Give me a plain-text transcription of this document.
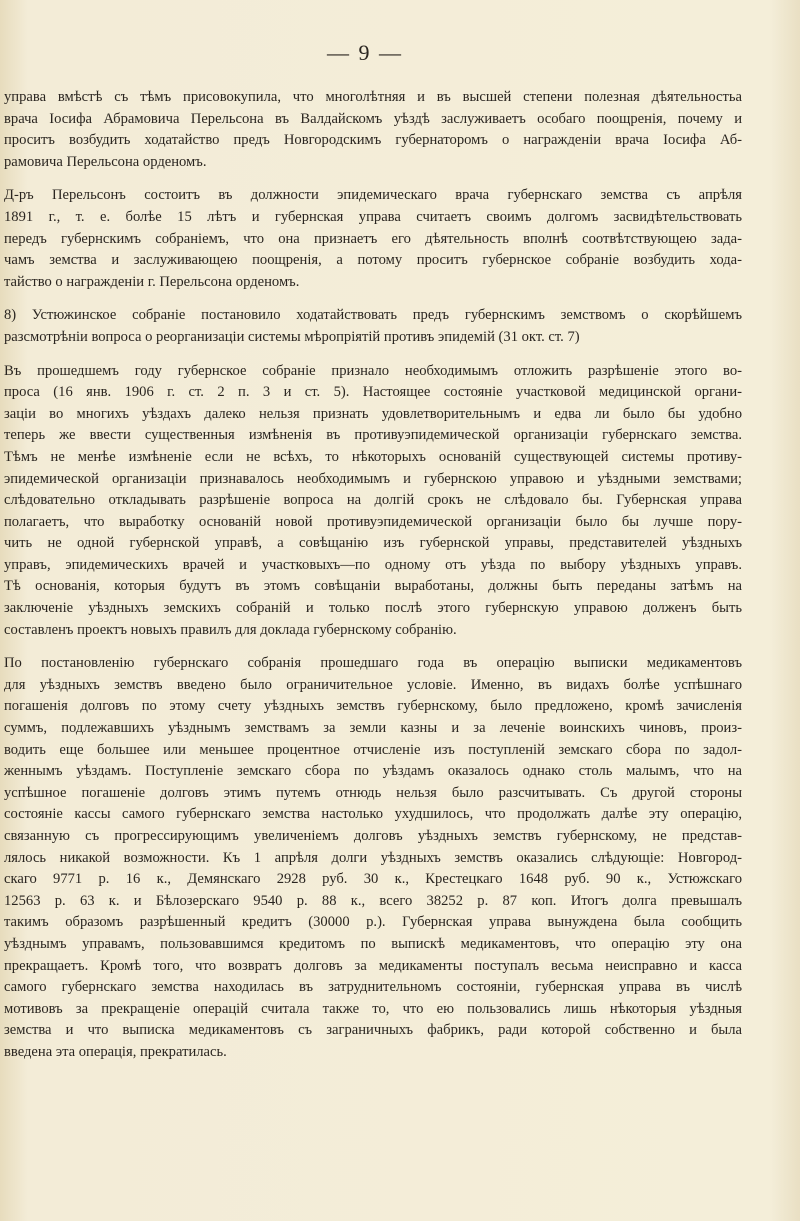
— 9 —
управа вмѣстѣ съ тѣмъ присовокупила, что многолѣтняя и въ высшей степени полезная дѣятельностьа
врача Іосифа Абрамовича Перельсона въ Валдайскомъ уѣздѣ заслуживаетъ особаго поощренія, почему и
проситъ возбудить ходатайство предъ Новгородскимъ губернаторомъ о награжденіи врача Іосифа Аб-
рамовича Перельсона орденомъ.
Д-ръ Перельсонъ состоитъ въ должности эпидемическаго врача губернскаго земства съ апрѣля
1891 г., т. е. болѣе 15 лѣтъ и губернская управа считаетъ своимъ долгомъ засвидѣтельствовать
передъ губернскимъ собраніемъ, что она признаетъ его дѣятельность вполнѣ соотвѣтствующею зада-
чамъ земства и заслуживающею поощренія, а потому проситъ губернское собраніе возбудить хода-
тайство о награжденіи г. Перельсона орденомъ.
8) Устюжинское собраніе постановило ходатайствовать предъ губернскимъ земствомъ о скорѣйшемъ
разсмотрѣніи вопроса о реорганизаціи системы мѣропріятій противъ эпидемій (31 окт. ст. 7)
Въ прошедшемъ году губернское собраніе признало необходимымъ отложить разрѣшеніе этого во-
проса (16 янв. 1906 г. ст. 2 п. 3 и ст. 5). Настоящее состояніе участковой медицинской органи-
заціи во многихъ уѣздахъ далеко нельзя признать удовлетворительнымъ и едва ли было бы удобно
теперь же ввести существенныя измѣненія въ противуэпидемической организаціи губернскаго земства.
Тѣмъ не менѣе измѣненіе если не всѣхъ, то нѣкоторыхъ основаній существующей системы противу-
эпидемической организаціи признавалось необходимымъ и губернскою управою и уѣздными земствами;
слѣдовательно откладывать разрѣшеніе вопроса на долгій срокъ не слѣдовало бы. Губернская управа
полагаетъ, что выработку основаній новой противуэпидемической организаціи было бы лучше пору-
чить не одной губернской управѣ, а совѣщанію изъ губернской управы, представителей уѣздныхъ
управъ, эпидемическихъ врачей и участковыхъ—по одному отъ уѣзда по выбору уѣздныхъ управъ.
Тѣ основанія, которыя будутъ въ этомъ совѣщаніи выработаны, должны быть переданы затѣмъ на
заключеніе уѣздныхъ земскихъ собраній и только послѣ этого губернскую управою долженъ быть
составленъ проектъ новыхъ правилъ для доклада губернскому собранію.
По постановленію губернскаго собранія прошедшаго года въ операцію выписки медикаментовъ
для уѣздныхъ земствъ введено было ограничительное условіе. Именно, въ видахъ болѣе успѣшнаго
погашенія долговъ по этому счету уѣздныхъ земствъ губернскому, было предложено, кромѣ зачисленія
суммъ, подлежавшихъ уѣзднымъ земствамъ за земли казны и за леченіе воинскихъ чиновъ, произ-
водить еще большее или меньшее процентное отчисленіе изъ поступленій земскаго сбора по задол-
женнымъ уѣздамъ. Поступленіе земскаго сбора по уѣздамъ оказалось однако столь малымъ, что на
успѣшное погашеніе долговъ этимъ путемъ отнюдь нельзя было разсчитывать. Съ другой стороны
состояніе кассы самого губернскаго земства настолько ухудшилось, что продолжать далѣе эту операцію,
связанную съ прогрессирующимъ увеличеніемъ долговъ уѣздныхъ земствъ губернскому, не представ-
лялось никакой возможности. Къ 1 апрѣля долги уѣздныхъ земствъ оказались слѣдующіе: Новгород-
скаго 9771 р. 16 к., Демянскаго 2928 руб. 30 к., Крестецкаго 1648 руб. 90 к., Устюжскаго
12563 р. 63 к. и Бѣлозерскаго 9540 р. 88 к., всего 38252 р. 87 коп. Итогъ долга превышалъ
такимъ образомъ разрѣшенный кредитъ (30000 р.). Губернская управа вынуждена была сообщить
уѣзднымъ управамъ, пользовавшимся кредитомъ по выпискѣ медикаментовъ, что операцію эту она
прекращаетъ. Кромѣ того, что возвратъ долговъ за медикаменты поступалъ весьма неисправно и касса
самого губернскаго земства находилась въ затруднительномъ состояніи, губернская управа въ числѣ
мотивовъ за прекращеніе операцій считала также то, что ею пользовались лишь нѣкоторыя уѣздныя
земства и что выписка медикаментовъ съ заграничныхъ фабрикъ, ради которой собственно и была
введена эта операція, прекратилась.
